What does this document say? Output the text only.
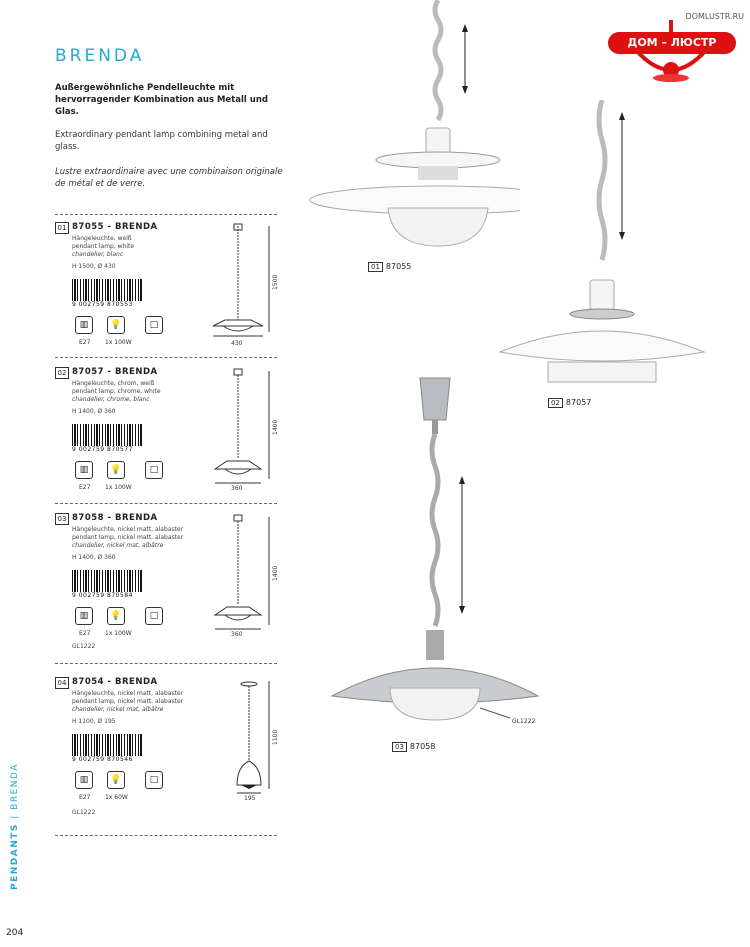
DOMLUSTR.RU
ДОМ – ЛЮСТР
BRENDA
Außergewöhnliche Pendelleuchte mit hervorragender Kombination aus Metall und Glas.
Extraordinary pendant lamp combining metal and glass.
Lustre extraordinaire avec une combinaison originale de métal et de verre.
01 87055 - BRENDA
Hängeleuchte, weiß
pendant lamp, white
chandelier, blanc
H 1500, Ø 430
9 002759 870553
▥	💡	□
E27 1x 100W
1500
430
02 87057 - BRENDA
Hängeleuchte, chrom, weiß
pendant lamp, chrome, white
chandelier, chrome, blanc
H 1400, Ø 360
9 002759 870577
▥	💡	□
E27 1x 100W
1400
360
03 87058 - BRENDA
Hängeleuchte, nickel matt, alabaster
pendant lamp, nickel matt, alabaster
chandelier, nickel mat, albâtre
H 1400, Ø 360
9 002759 870584
▥	💡	□
E27 1x 100W
GL1222
1400
360
04 87054 - BRENDA
Hängeleuchte, nickel matt, alabaster
pendant lamp, nickel matt, alabaster
chandelier, nickel mat, albâtre
H 1100, Ø 195
9 002759 870546
▥	💡	□
E27 1x 60W
GL1222
1100
195
01 87055
02 87057
GL1222
03 87058
PENDANTS | BRENDA
204
